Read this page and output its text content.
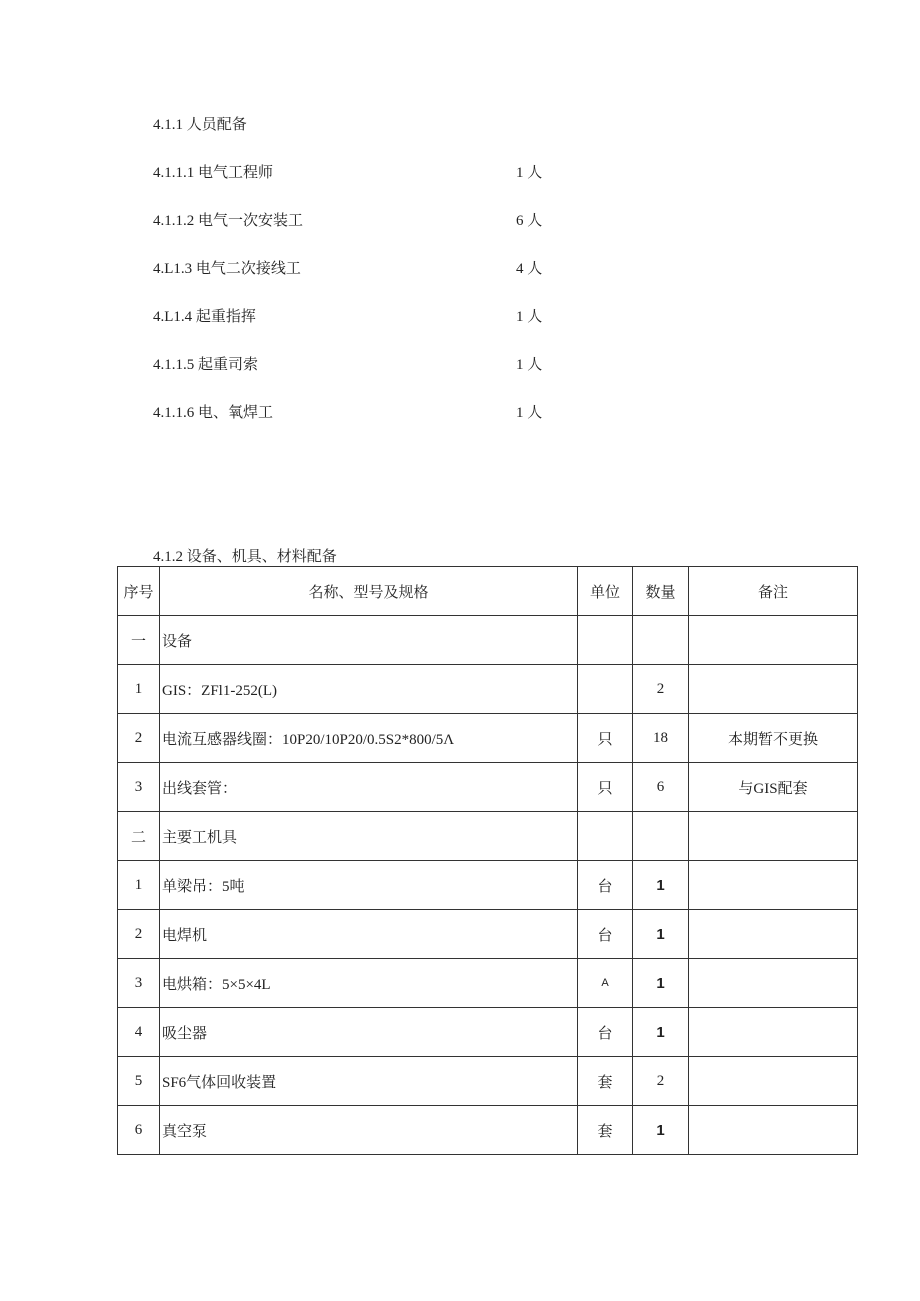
4.1.1 人员配备
4.1.1.1 电气工程师	1 人
4.1.1.2 电气一次安装工	6 人
4.L1.3 电气二次接线工	4 人
4.L1.4 起重指挥	1 人
4.1.1.5 起重司索	1 人
4.1.1.6 电、氧焊工	1 人
4.1.2 设备、机具、材料配备
序号	名称、型号及规格	单位	数量	备注
一	设备			
1	GIS：ZFl1-252(L)		2	
2	电流互感器线圈：10P20/10P20/0.5S2*800/5Λ	只	18	本期暂不更换
3	出线套管：	只	6	与GIS配套
二	主要工机具			
1	单梁吊：5吨	台	1	
2	电焊机	台	1	
3	电烘箱：5×5×4L	A	1	
4	吸尘器	台	1	
5	SF6气体回收装置	套	2	
6	真空泵	套	1	
